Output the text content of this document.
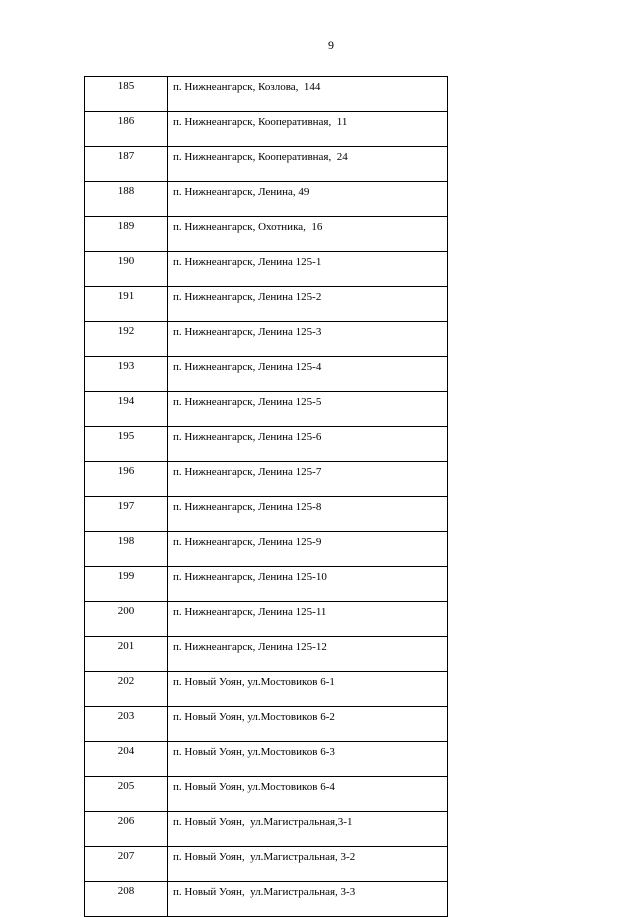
9
185	п. Нижнеангарск, Козлова,  144
186	п. Нижнеангарск, Кооперативная,  11
187	п. Нижнеангарск, Кооперативная,  24
188	п. Нижнеангарск, Ленина, 49
189	п. Нижнеангарск, Охотника,  16
190	п. Нижнеангарск, Ленина 125-1
191	п. Нижнеангарск, Ленина 125-2
192	п. Нижнеангарск, Ленина 125-3
193	п. Нижнеангарск, Ленина 125-4
194	п. Нижнеангарск, Ленина 125-5
195	п. Нижнеангарск, Ленина 125-6
196	п. Нижнеангарск, Ленина 125-7
197	п. Нижнеангарск, Ленина 125-8
198	п. Нижнеангарск, Ленина 125-9
199	п. Нижнеангарск, Ленина 125-10
200	п. Нижнеангарск, Ленина 125-11
201	п. Нижнеангарск, Ленина 125-12
202	п. Новый Уоян, ул.Мостовиков 6-1
203	п. Новый Уоян, ул.Мостовиков 6-2
204	п. Новый Уоян, ул.Мостовиков 6-3
205	п. Новый Уоян, ул.Мостовиков 6-4
206	п. Новый Уоян,  ул.Магистральная,3-1
207	п. Новый Уоян,  ул.Магистральная, 3-2
208	п. Новый Уоян,  ул.Магистральная, 3-3
